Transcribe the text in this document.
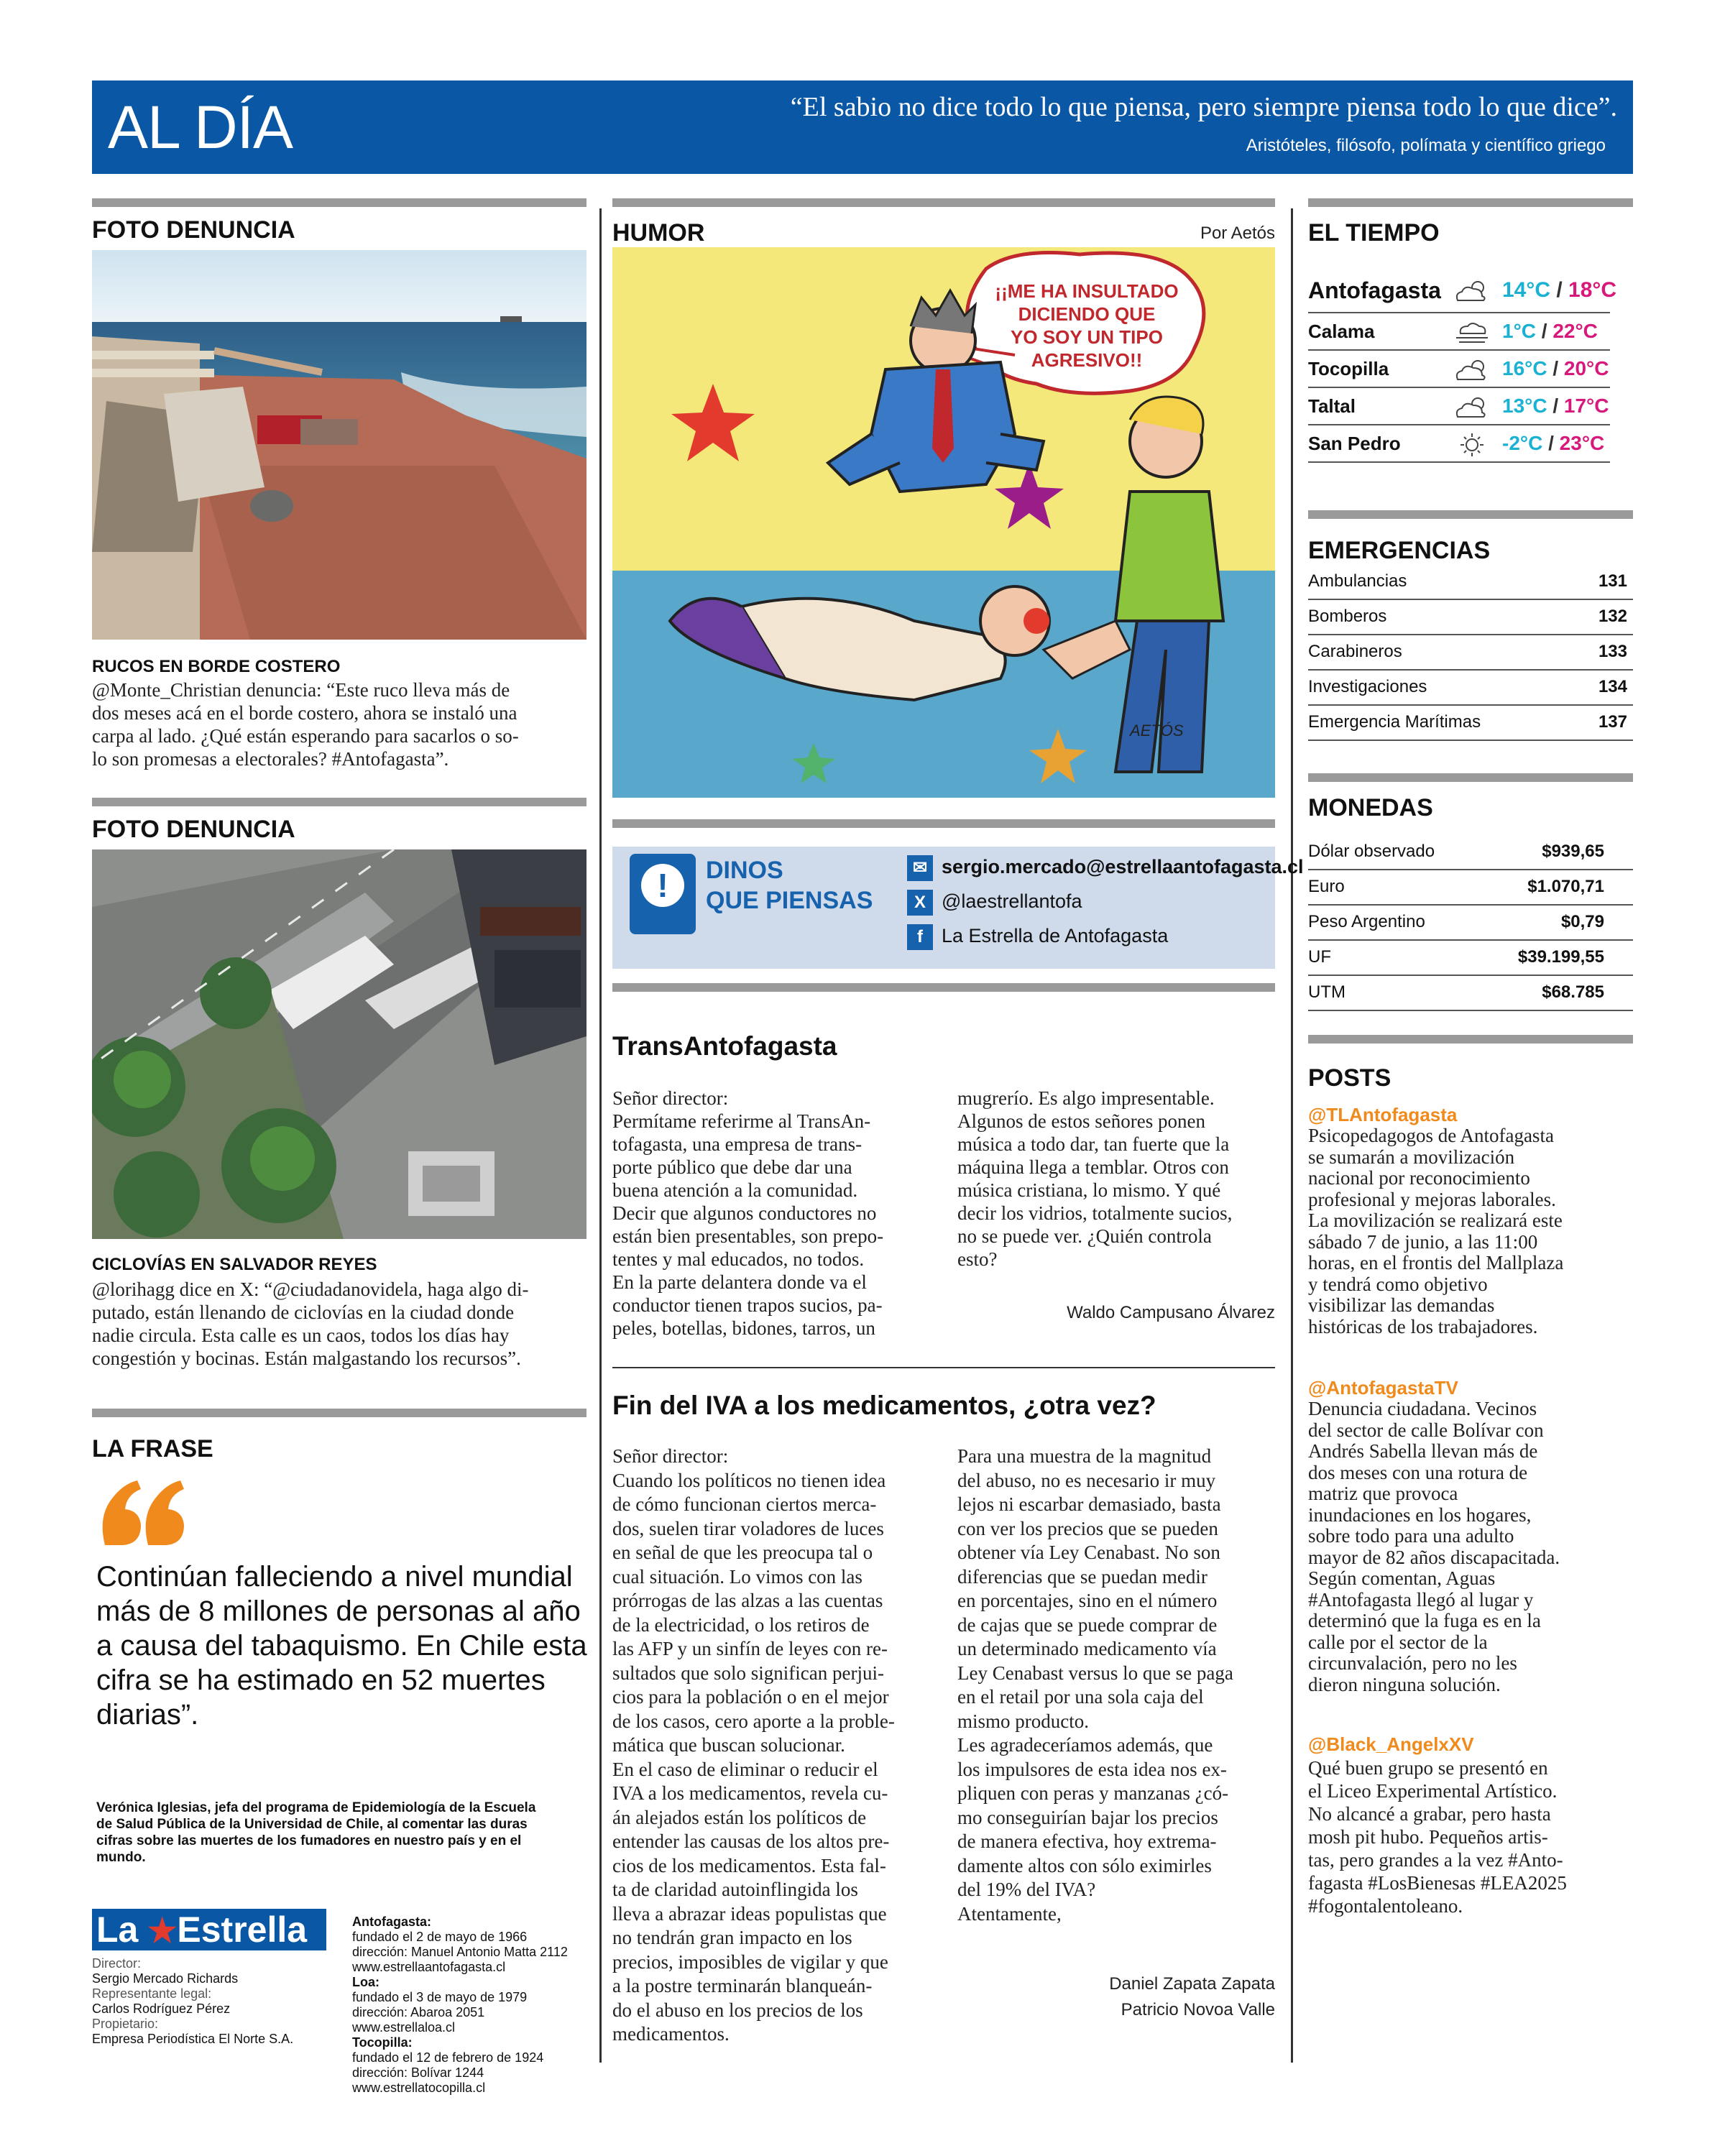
AL DÍA	“El sabio no dice todo lo que piensa, pero siempre piensa todo lo que dice”.
Aristóteles, filósofo, polímata y científico griego
FOTO DENUNCIA
RUCOS EN BORDE COSTERO
@Monte_Christian denuncia: “Este ruco lleva más de
dos meses acá en el borde costero, ahora se instaló una
carpa al lado. ¿Qué están esperando para sacarlos o so-
lo son promesas a electorales? #Antofagasta”.
FOTO DENUNCIA
CICLOVÍAS EN SALVADOR REYES
@lorihagg dice en X: “@ciudadanovidela, haga algo di-
putado, están llenando de ciclovías en la ciudad donde
nadie circula. Esta calle es un caos, todos los días hay
congestión y bocinas. Están malgastando los recursos”.
LA FRASE
Continúan falleciendo a nivel mundial
más de 8 millones de personas al año
a causa del tabaquismo. En Chile esta
cifra se ha estimado en 52 muertes
diarias”.
Verónica Iglesias, jefa del programa de Epidemiología de la Escuela
de Salud Pública de la Universidad de Chile, al comentar las duras
cifras sobre las muertes de los fumadores en nuestro país y en el
mundo.
La ★Estrella
Director:
Sergio Mercado Richards
Representante legal:
Carlos Rodríguez Pérez
Propietario:
Empresa Periodística El Norte S.A.
Antofagasta:
fundado el 2 de mayo de 1966
dirección: Manuel Antonio Matta 2112
www.estrellaantofagasta.cl
Loa:
fundado el 3 de mayo de 1979
dirección: Abaroa 2051
www.estrellaloa.cl
Tocopilla:
fundado el 12 de febrero de 1924
dirección: Bolívar 1244
www.estrellatocopilla.cl
HUMOR	Por Aetós
AETÓS
¡¡ME HA INSULTADO
DICIENDO QUE
YO SOY UN TIPO
AGRESIVO!!
!	DINOS
QUE PIENSAS
✉ sergio.mercado@estrellaantofagasta.cl
X @laestrellantofa
f La Estrella de Antofagasta
TransAntofagasta
Señor director:
Permítame referirme al TransAn-
tofagasta, una empresa de trans-
porte público que debe dar una
buena atención a la comunidad.
Decir que algunos conductores no
están bien presentables, son prepo-
tentes y mal educados, no todos.
En la parte delantera donde va el
conductor tienen trapos sucios, pa-
peles, botellas, bidones, tarros, un
mugrerío. Es algo impresentable.
Algunos de estos señores ponen
música a todo dar, tan fuerte que la
máquina llega a temblar. Otros con
música cristiana, lo mismo. Y qué
decir los vidrios, totalmente sucios,
no se puede ver. ¿Quién controla
esto?
Waldo Campusano Álvarez
Fin del IVA a los medicamentos, ¿otra vez?
Señor director:
Cuando los políticos no tienen idea
de cómo funcionan ciertos merca-
dos, suelen tirar voladores de luces
en señal de que les preocupa tal o
cual situación. Lo vimos con las
prórrogas de las alzas a las cuentas
de la electricidad, o los retiros de
las AFP y un sinfín de leyes con re-
sultados que solo significan perjui-
cios para la población o en el mejor
de los casos, cero aporte a la proble-
mática que buscan solucionar.
En el caso de eliminar o reducir el
IVA a los medicamentos, revela cu-
án alejados están los políticos de
entender las causas de los altos pre-
cios de los medicamentos. Esta fal-
ta de claridad autoinflingida los
lleva a abrazar ideas populistas que
no tendrán gran impacto en los
precios, imposibles de vigilar y que
a la postre terminarán blanqueán-
do el abuso en los precios de los
medicamentos.
Para una muestra de la magnitud
del abuso, no es necesario ir muy
lejos ni escarbar demasiado, basta
con ver los precios que se pueden
obtener vía Ley Cenabast. No son
diferencias que se puedan medir
en porcentajes, sino en el número
de cajas que se puede comprar de
un determinado medicamento vía
Ley Cenabast versus lo que se paga
en el retail por una sola caja del
mismo producto.
Les agradeceríamos además, que
los impulsores de esta idea nos ex-
pliquen con peras y manzanas ¿có-
mo conseguirían bajar los precios
de manera efectiva, hoy extrema-
damente altos con sólo eximirles
del 19% del IVA?
Atentamente,
Daniel Zapata Zapata
Patricio Novoa Valle
EL TIEMPO
Antofagasta	14°C / 18°C
Calama	1°C / 22°C
Tocopilla	16°C / 20°C
Taltal	13°C / 17°C
San Pedro	-2°C / 23°C
EMERGENCIAS
Ambulancias	131
Bomberos	132
Carabineros	133
Investigaciones	134
Emergencia Marítimas	137
MONEDAS
Dólar observado	$939,65
Euro	$1.070,71
Peso Argentino	$0,79
UF	$39.199,55
UTM	$68.785
POSTS
@TLAntofagasta
Psicopedagogos de Antofagasta
se sumarán a movilización
nacional por reconocimiento
profesional y mejoras laborales.
La movilización se realizará este
sábado 7 de junio, a las 11:00
horas, en el frontis del Mallplaza
y tendrá como objetivo
visibilizar las demandas
históricas de los trabajadores.
@AntofagastaTV
Denuncia ciudadana. Vecinos
del sector de calle Bolívar con
Andrés Sabella llevan más de
dos meses con una rotura de
matriz que provoca
inundaciones en los hogares,
sobre todo para una adulto
mayor de 82 años discapacitada.
Según comentan, Aguas
#Antofagasta llegó al lugar y
determinó que la fuga es en la
calle por el sector de la
circunvalación, pero no les
dieron ninguna solución.
@Black_AngelxXV
Qué buen grupo se presentó en
el Liceo Experimental Artístico.
No alcancé a grabar, pero hasta
mosh pit hubo. Pequeños artis-
tas, pero grandes a la vez #Anto-
fagasta #LosBienesas #LEA2025
#fogontalentoleano.
